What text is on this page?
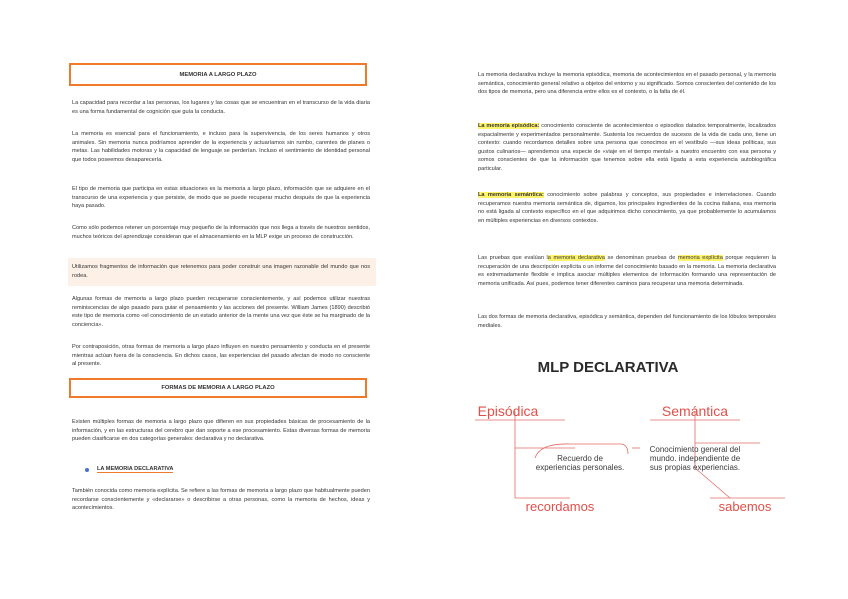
MEMORIA A LARGO PLAZO
La capacidad para recordar a las personas, los lugares y las cosas que se encuentran en el transcurso de la vida diaria es una forma fundamental de cognición que guía la conducta.
La memoria es esencial para el funcionamiento, e incluso para la supervivencia, de los seres humanos y otros animales. Sin memoria nunca podríamos aprender de la experiencia y actuaríamos sin rumbo, carentes de planes o metas. Las habilidades motoras y la capacidad de lenguaje se perderían. Incluso el sentimiento de identidad personal que todos poseemos desaparecería.
El tipo de memoria que participa en estas situaciones es la memoria a largo plazo, información que se adquiere en el transcurso de una experiencia y que persiste, de modo que se puede recuperar mucho después de que la experiencia haya pasado.
Como sólo podemos retener un porcentaje muy pequeño de la información que nos llega a través de nuestros sentidos, muchos teóricos del aprendizaje consideran que el almacenamiento en la MLP exige un proceso de construcción.
Utilizamos fragmentos de información que retenemos para poder construir una imagen razonable del mundo que nos rodea.
Algunas formas de memoria a largo plazo pueden recuperarse conscientemente, y así podemos utilizar nuestras reminiscencias de algo pasado para guiar el pensamiento y las acciones del presente. William James (1890) describió este tipo de memoria como «el conocimiento de un estado anterior de la mente una vez que éste se ha marginado de la conciencia».
Por contraposición, otras formas de memoria a largo plazo influyen en nuestro pensamiento y conducta en el presente mientras actúan fuera de la consciencia. En dichos casos, las experiencias del pasado afectan de modo no consciente al presente.
FORMAS DE MEMORIA A LARGO PLAZO
Existen múltiples formas de memoria a largo plazo que difieren en sus propiedades básicas de procesamiento de la información, y en las estructuras del cerebro que dan soporte a ese procesamiento. Estas diversas formas de memoria pueden clasificarse en dos categorías generales: declarativa y no declarativa.
LA MEMORIA DECLARATIVA
También conocida como memoria explícita. Se refiere a las formas de memoria a largo plazo que habitualmente pueden recordarse conscientemente y «declararse» o describirse a otras personas, como la memoria de hechos, ideas y acontecimientos.
La memoria declarativa incluye la memoria episódica, memoria de acontecimientos en el pasado personal, y la memoria semántica, conocimiento general relativo a objetos del entorno y su significado. Somos conscientes del contenido de los dos tipos de memoria, pero una diferencia entre ellos es el contexto, o la falta de él.
La memoria episódica: conocimiento consciente de acontecimientos o episodios datados temporalmente, localizados espacialmente y experimentados personalmente. Sustenta los recuerdos de sucesos de la vida de cada uno, tiene un contexto: cuando recordamos detalles sobre una persona que conocimos en el vestíbulo —sus ideas políticas, sus gustos culinarios— aprendemos una especie de «viaje en el tiempo mental» a nuestro encuentro con esa persona y somos conscientes de que la información que tenemos sobre ella está ligada a esta experiencia autobiográfica particular.
La memoria semántica: conocimiento sobre palabras y conceptos, sus propiedades e interrelaciones. Cuando recuperamos nuestra memoria semántica de, digamos, los principales ingredientes de la cocina italiana, esa memoria no está ligada al contexto específico en el que adquirimos dicho conocimiento, ya que probablemente lo acumulamos en múltiples experiencias en diversos contextos.
Las pruebas que evalúan la memoria declarativa se denominan pruebas de memoria explícita porque requieren la recuperación de una descripción explícita o un informe del conocimiento basado en la memoria. La memoria declarativa es extremadamente flexible e implica asociar múltiples elementos de información formando una representación de memoria unificada. Así pues, podemos tener diferentes caminos para recuperar una memoria determinada.
Las dos formas de memoria declarativa, episódica y semántica, dependen del funcionamiento de los lóbulos temporales mediales.
MLP DECLARATIVA
Episódica	Semántica
Recuerdo de
experiencias personales.
Conocimiento general del
mundo. independiente de
sus propias experiencias.
recordamos	sabemos
